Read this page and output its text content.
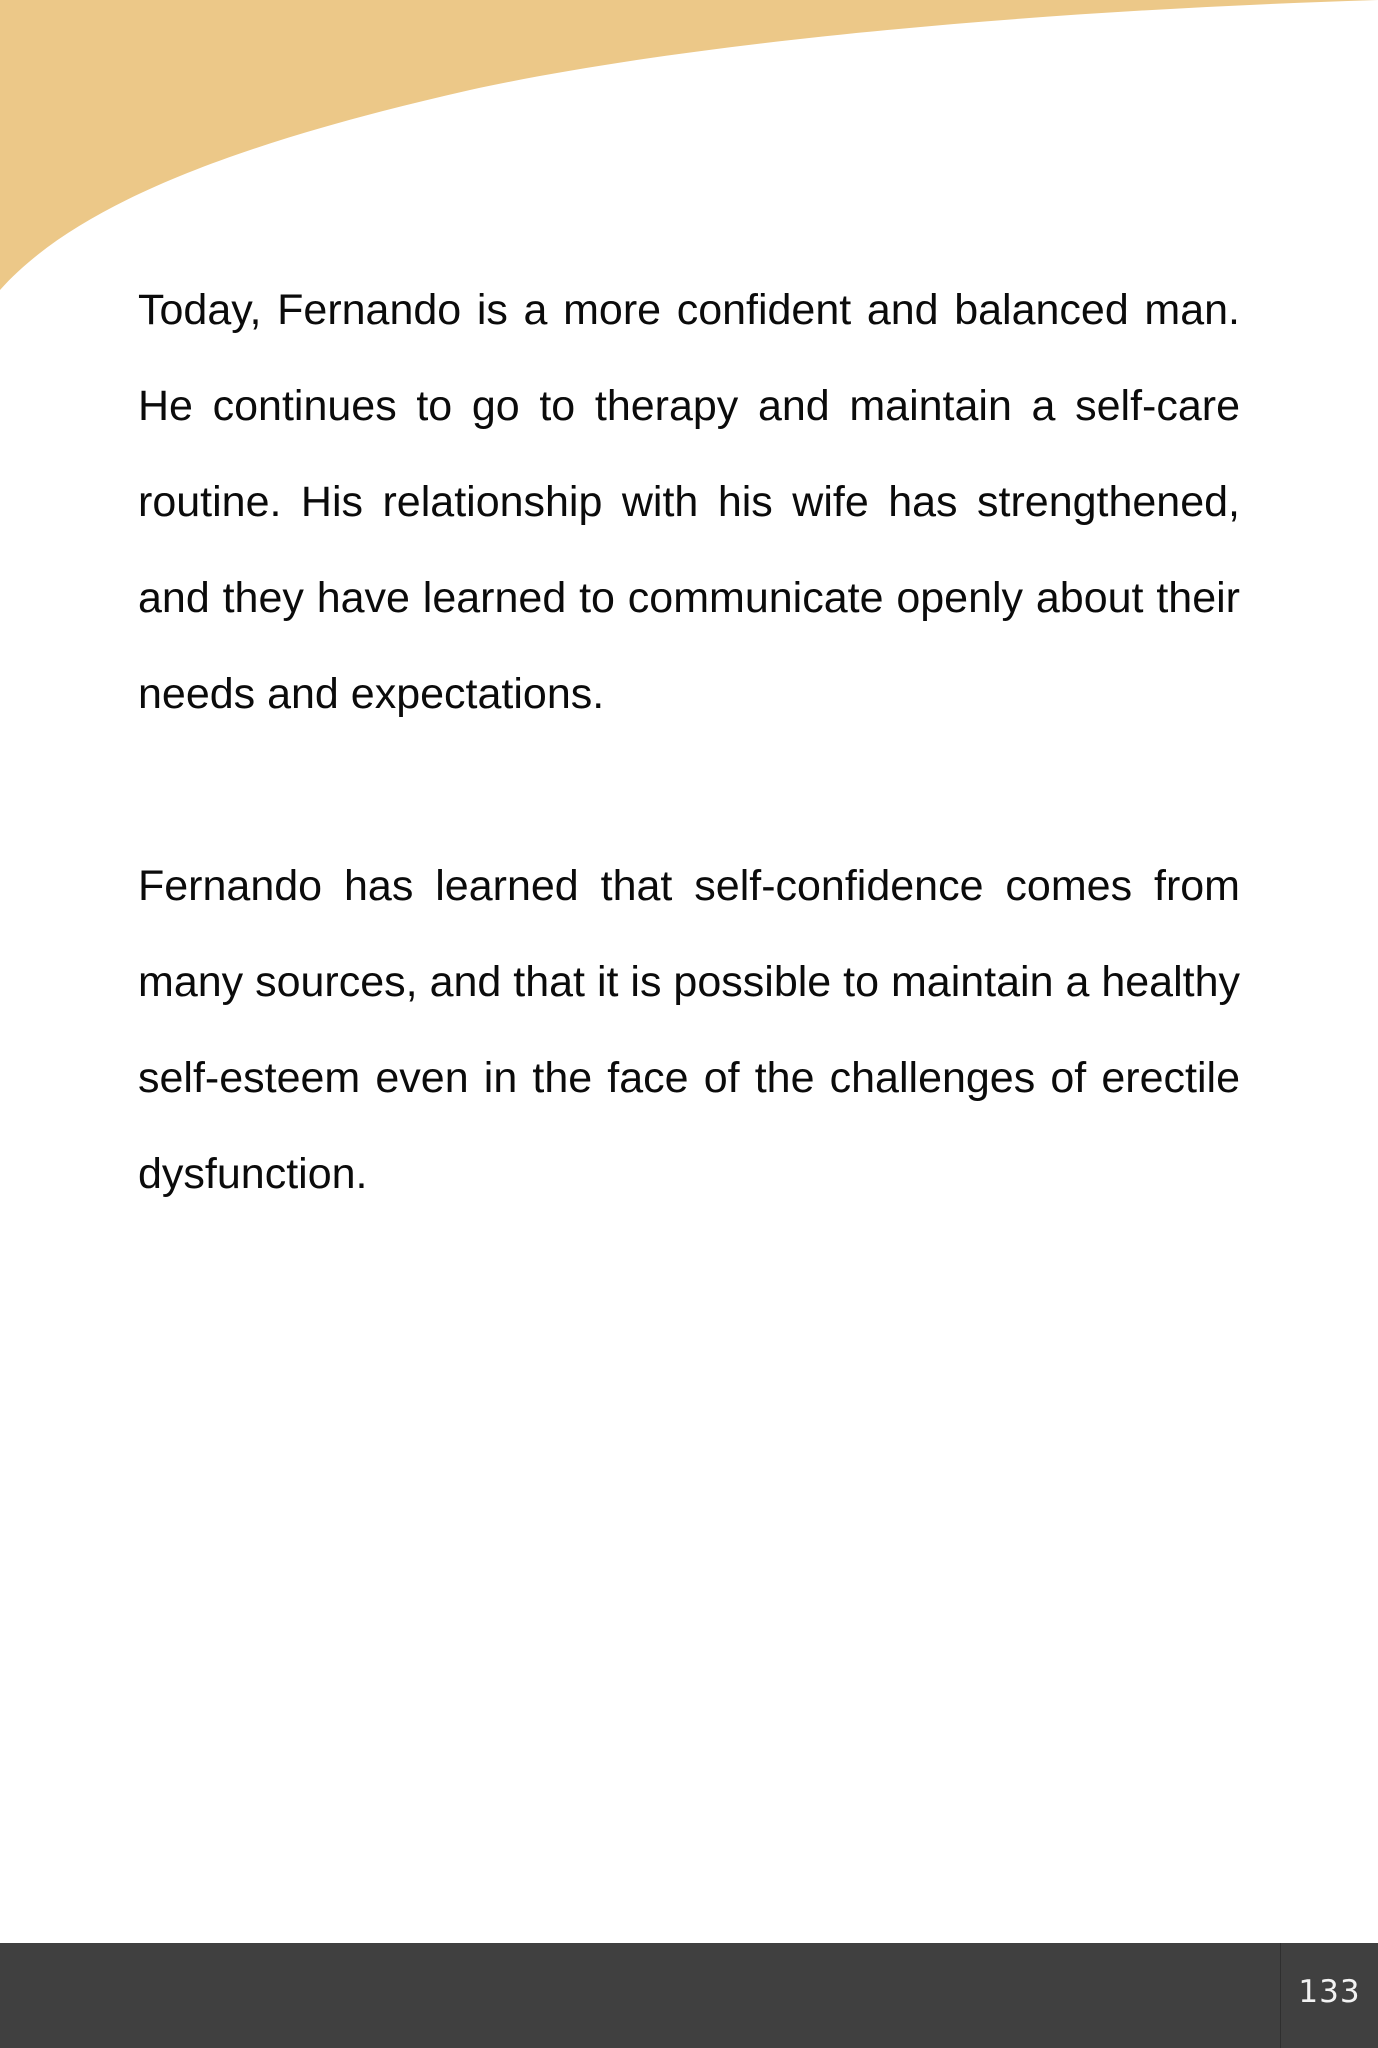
Today, Fernando is a more confident and balanced man. He continues to go to therapy and maintain a self-care routine. His relationship with his wife has strengthened, and they have learned to communicate openly about their needs and expectations.

Fernando has learned that self-confidence comes from many sources, and that it is possible to maintain a healthy self-esteem even in the face of the challenges of erectile dysfunction.

133
